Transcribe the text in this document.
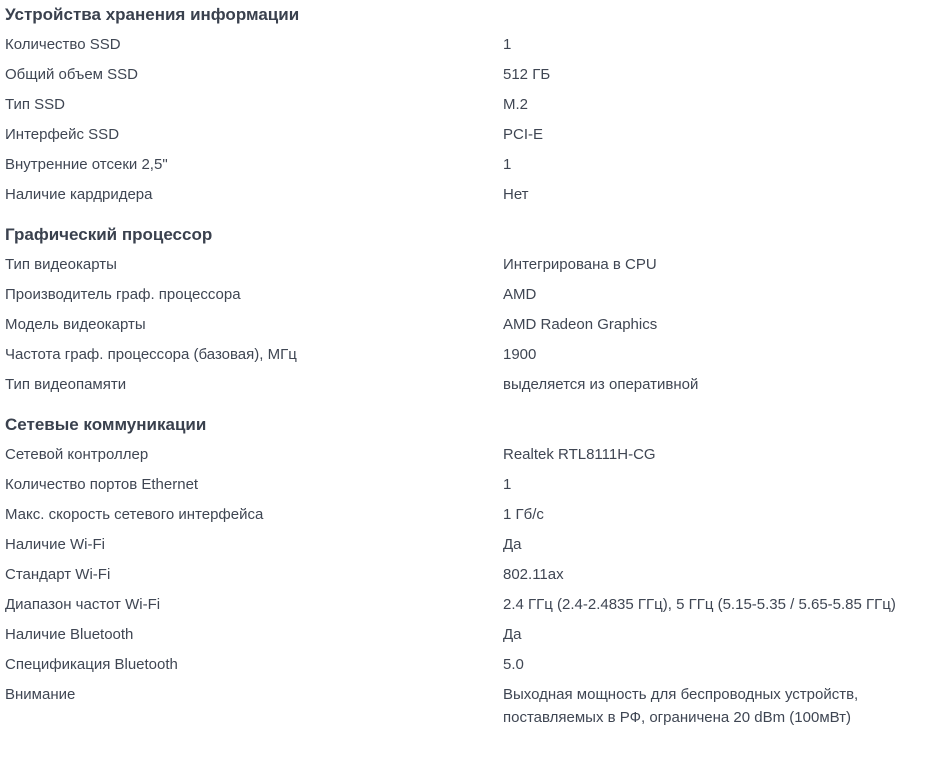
Устройства хранения информации
Количество SSD	1
Общий объем SSD	512 ГБ
Тип SSD	M.2
Интерфейс SSD	PCI-E
Внутренние отсеки 2,5"	1
Наличие кардридера	Нет
Графический процессор
Тип видеокарты	Интегрирована в CPU
Производитель граф. процессора	AMD
Модель видеокарты	AMD Radeon Graphics
Частота граф. процессора (базовая), МГц	1900
Тип видеопамяти	выделяется из оперативной
Сетевые коммуникации
Сетевой контроллер	Realtek RTL8111H-CG
Количество портов Ethernet	1
Макс. скорость сетевого интерфейса	1 Гб/с
Наличие Wi-Fi	Да
Стандарт Wi-Fi	802.11ax
Диапазон частот Wi-Fi	2.4 ГГц (2.4-2.4835 ГГц), 5 ГГц (5.15-5.35 / 5.65-5.85 ГГц)
Наличие Bluetooth	Да
Спецификация Bluetooth	5.0
Внимание	Выходная мощность для беспроводных устройств,
поставляемых в РФ, ограничена 20 dBm (100мВт)
